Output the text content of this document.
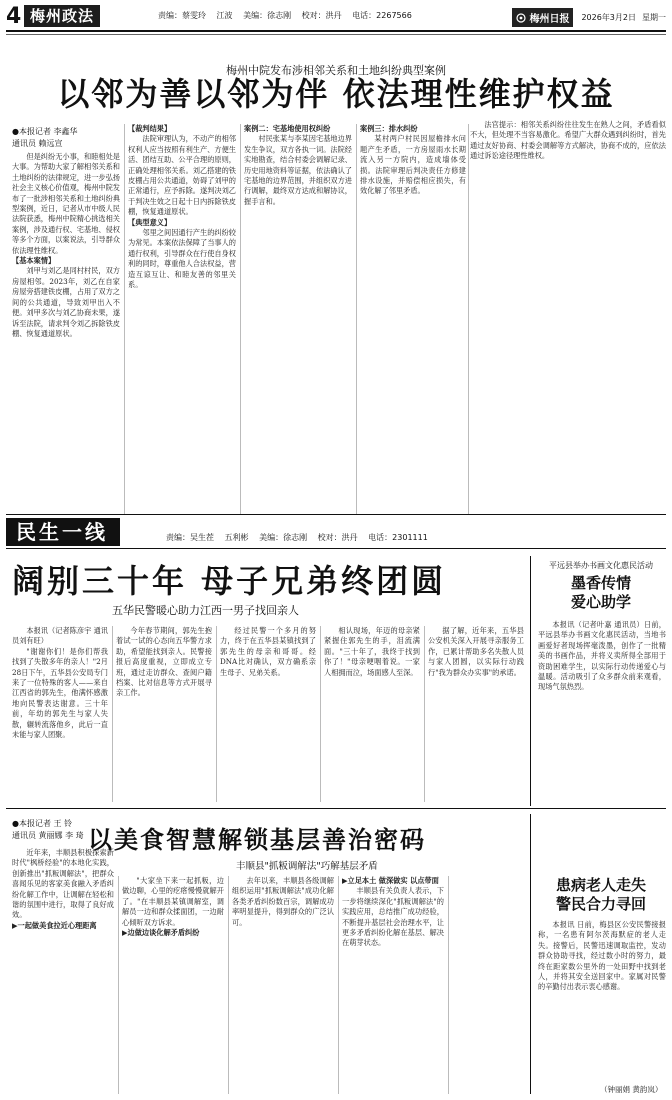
4 梅州政法	责编：蔡雯玲 江波 美编：徐志刚 校对：洪丹 电话：2267566	梅州日报 2026年3月2日 星期一
梅州中院发布涉相邻关系和土地纠纷典型案例
以邻为善以邻为伴 依法理性维护权益
●本报记者 李鑫华
通讯员 赖远宣

但是纠纷无小事，和睦相处是大事。为帮助大家了解相邻关系和土地纠纷的法律规定，进一步弘扬社会主义核心价值观，梅州中院发布了一批涉相邻关系和土地纠纷典型案例，近日，记者从市中级人民法院获悉，梅州中院精心挑选相关案例，涉及通行权、宅基地、侵权等多个方面，以案说法，引导群众依法理性维权。

【基本案情】

刘甲与刘乙是同村村民，双方房屋相邻。2023年，刘乙在自家房屋旁搭建铁皮棚，占用了双方之间的公共通道，导致刘甲出入不便。刘甲多次与刘乙协商未果，遂诉至法院，请求判令刘乙拆除铁皮棚、恢复通道原状。

【裁判结果】

法院审理认为，不动产的相邻权利人应当按照有利生产、方便生活、团结互助、公平合理的原则，正确处理相邻关系。刘乙搭建的铁皮棚占用公共通道，妨碍了刘甲的正常通行，应予拆除。遂判决刘乙于判决生效之日起十日内拆除铁皮棚，恢复通道原状。

【典型意义】

邻里之间因通行产生的纠纷较为常见。本案依法保障了当事人的通行权利，引导群众在行使自身权利的同时，尊重他人合法权益，营造互谅互让、和睦友善的邻里关系。

案例二：宅基地使用权纠纷

村民张某与李某因宅基地边界发生争议，双方各执一词。法院经实地勘查，结合村委会调解记录、历史用地资料等证据，依法确认了宅基地的边界范围，并组织双方进行调解，最终双方达成和解协议，握手言和。

案例三：排水纠纷

某村两户村民因屋檐排水问题产生矛盾，一方房屋雨水长期流入另一方院内，造成墙体受损。法院审理后判决责任方修建排水设施，并赔偿相应损失，有效化解了邻里矛盾。

法官提示：相邻关系纠纷往往发生在熟人之间，矛盾看似不大，但处理不当容易激化。希望广大群众遇到纠纷时，首先通过友好协商、村委会调解等方式解决，协商不成的，应依法通过诉讼途径理性维权。

民生一线	责编：吴生茬 五利彬 美编：徐志刚 校对：洪丹 电话：2301111
阔别三十年 母子兄弟终团圆
五华民警暖心助力江西一男子找回亲人

本报讯（记者陈彦宇 通讯员刘有旺）

"谢谢你们！是你们帮我找到了失散多年的亲人！"2月28日下午，五华县公安局专门来了一位特殊的客人——来自江西省的郭先生，他满怀感激地向民警表达谢意。三十年前，年幼的郭先生与家人失散，辗转流落他乡，此后一直未能与家人团聚。

今年春节期间，郭先生抱着试一试的心态向五华警方求助，希望能找到亲人。民警接报后高度重视，立即成立专班，通过走访群众、查阅户籍档案、比对信息等方式开展寻亲工作。

经过民警一个多月的努力，终于在五华县某镇找到了郭先生的母亲和哥哥。经DNA比对确认，双方确系亲生母子、兄弟关系。

相认现场，年迈的母亲紧紧握住郭先生的手，泪流满面。"三十年了，我终于找到你了！"母亲哽咽着说。一家人相拥而泣，场面感人至深。

据了解，近年来，五华县公安机关深入开展寻亲服务工作，已累计帮助多名失散人员与家人团圆，以实际行动践行"我为群众办实事"的承诺。

平远县举办书画文化惠民活动
墨香传情
爱心助学

本报讯（记者叶嘉 通讯员）日前，平远县举办书画文化惠民活动，当地书画爱好者现场挥毫泼墨，创作了一批精美的书画作品，并将义卖所得全部用于资助困难学生，以实际行动传递爱心与温暖。活动吸引了众多群众前来观看，现场气氛热烈。

●本报记者 王 铃
通讯员 黄丽娜 李 琦 以美食智慧解锁基层善治密码
丰顺县"抓粄调解法"巧解基层矛盾

近年来，丰顺县积极探索新时代"枫桥经验"的本地化实践，创新推出"抓粄调解法"，把群众喜闻乐见的客家美食融入矛盾纠纷化解工作中，让调解在轻松和谐的氛围中进行，取得了良好成效。

▶一起做美食拉近心理距离

"大家坐下来一起抓粄，边做边聊，心里的疙瘩慢慢就解开了。"在丰顺县某镇调解室，调解员一边和群众揉面团，一边耐心倾听双方诉求。

▶边做边谈化解矛盾纠纷

去年以来，丰顺县各级调解组织运用"抓粄调解法"成功化解各类矛盾纠纷数百宗，调解成功率明显提升，得到群众的广泛认可。

▶立足本土 做深做实 以点带面

丰顺县有关负责人表示，下一步将继续深化"抓粄调解法"的实践应用，总结推广成功经验，不断提升基层社会治理水平，让更多矛盾纠纷化解在基层、解决在萌芽状态。

患病老人走失
警民合力寻回

本报讯 日前，梅县区公安民警接报称，一名患有阿尔茨海默症的老人走失。接警后，民警迅速调取监控，发动群众协助寻找，经过数小时的努力，最终在距家数公里外的一处田野中找到老人，并将其安全送回家中。家属对民警的辛勤付出表示衷心感谢。

（钟丽娟 黄韵岚）
